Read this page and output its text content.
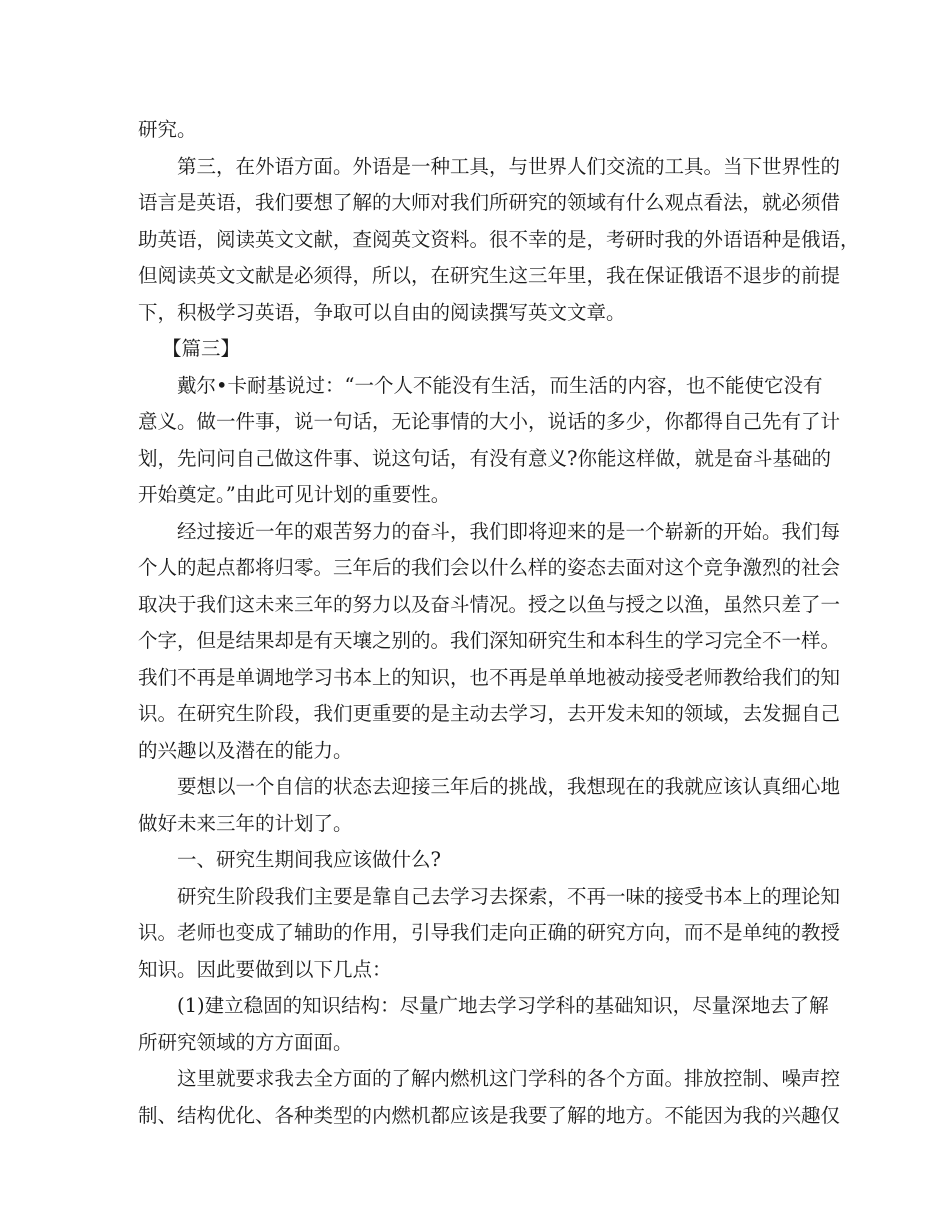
研究。
第三，在外语方面。外语是一种工具，与世界人们交流的工具。当下世界性的
语言是英语，我们要想了解的大师对我们所研究的领域有什么观点看法，就必须借
助英语，阅读英文文献，查阅英文资料。很不幸的是，考研时我的外语语种是俄语，
但阅读英文文献是必须得，所以，在研究生这三年里，我在保证俄语不退步的前提
下，积极学习英语，争取可以自由的阅读撰写英文文章。
【篇三】
戴尔•卡耐基说过：“一个人不能没有生活，而生活的内容，也不能使它没有
意义。做一件事，说一句话，无论事情的大小，说话的多少，你都得自己先有了计
划，先问问自己做这件事、说这句话，有没有意义?你能这样做，就是奋斗基础的
开始奠定。”由此可见计划的重要性。
经过接近一年的艰苦努力的奋斗，我们即将迎来的是一个崭新的开始。我们每
个人的起点都将归零。三年后的我们会以什么样的姿态去面对这个竞争激烈的社会
取决于我们这未来三年的努力以及奋斗情况。授之以鱼与授之以渔，虽然只差了一
个字，但是结果却是有天壤之别的。我们深知研究生和本科生的学习完全不一样。
我们不再是单调地学习书本上的知识，也不再是单单地被动接受老师教给我们的知
识。在研究生阶段，我们更重要的是主动去学习，去开发未知的领域，去发掘自己
的兴趣以及潜在的能力。
要想以一个自信的状态去迎接三年后的挑战，我想现在的我就应该认真细心地
做好未来三年的计划了。
一、研究生期间我应该做什么?
研究生阶段我们主要是靠自己去学习去探索，不再一味的接受书本上的理论知
识。老师也变成了辅助的作用，引导我们走向正确的研究方向，而不是单纯的教授
知识。因此要做到以下几点：
(1)建立稳固的知识结构：尽量广地去学习学科的基础知识，尽量深地去了解
所研究领域的方方面面。
这里就要求我去全方面的了解内燃机这门学科的各个方面。排放控制、噪声控
制、结构优化、各种类型的内燃机都应该是我要了解的地方。不能因为我的兴趣仅
